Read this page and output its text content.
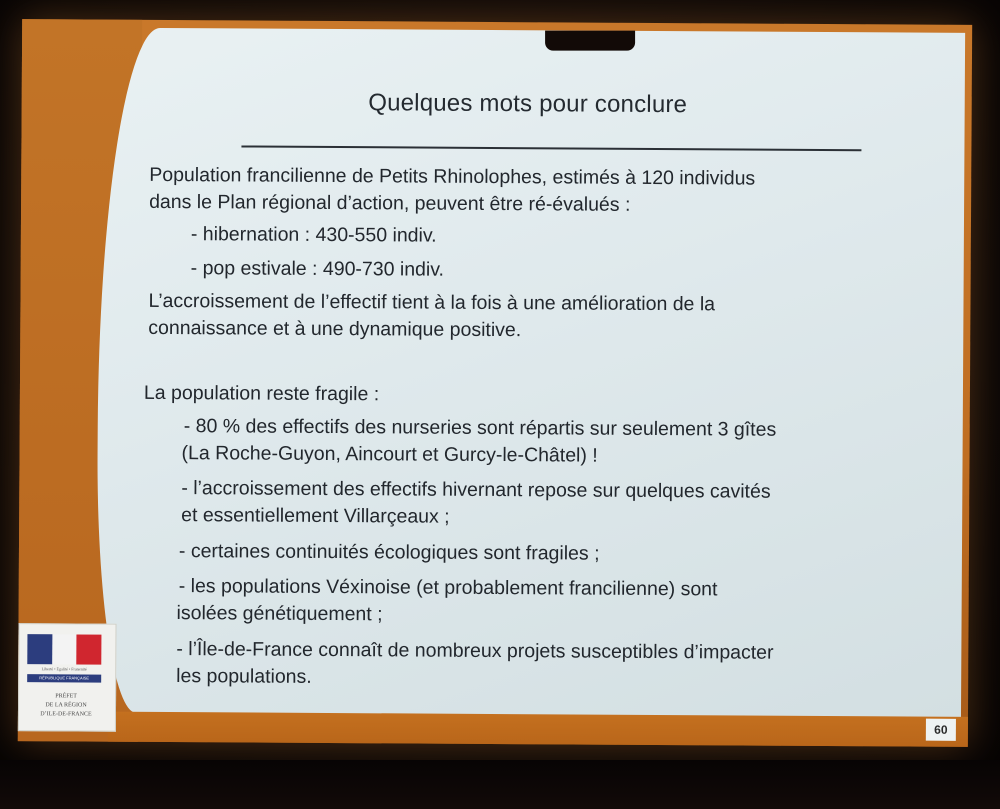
Quelques mots pour conclure
Population francilienne de Petits Rhinolophes, estimés à 120 individus
dans le Plan régional d’action, peuvent être ré-évalués :
- hibernation : 430-550 indiv.
- pop estivale : 490-730 indiv.
L’accroissement de l’effectif tient à la fois à une amélioration de la
connaissance et à une dynamique positive.
La population reste fragile :
- 80 % des effectifs des nurseries sont répartis sur seulement 3 gîtes
(La Roche-Guyon, Aincourt et Gurcy-le-Châtel) !
- l’accroissement des effectifs hivernant repose sur quelques cavités
et essentiellement Villarçeaux ;
- certaines continuités écologiques sont fragiles ;
- les populations Véxinoise (et probablement francilienne) sont
isolées génétiquement ;
- l’Île-de-France connaît de nombreux projets susceptibles d’impacter
les populations.
60
Liberté • Égalité • Fraternité
RÉPUBLIQUE FRANÇAISE
PRÉFET
DE LA RÉGION
D’ILE-DE-FRANCE
